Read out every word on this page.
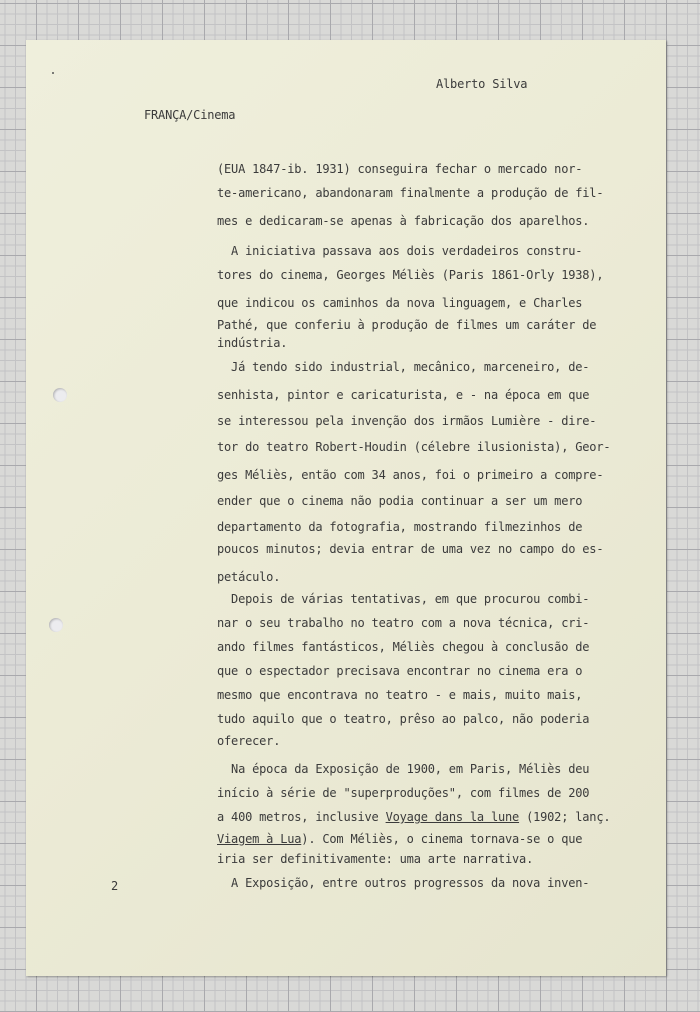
Alberto Silva
FRANÇA/Cinema

(EUA 1847-ib. 1931) conseguira fechar o mercado nor-

te-americano, abandonaram finalmente a produção de fil-

mes e dedicaram-se apenas à fabricação dos aparelhos.

A iniciativa passava aos dois verdadeiros constru-

tores do cinema, Georges Méliès (Paris 1861-Orly 1938),

que indicou os caminhos da nova linguagem, e Charles

Pathé, que conferiu à produção de filmes um caráter de

indústria.

Já tendo sido industrial, mecânico, marceneiro, de-

senhista, pintor e caricaturista, e - na época em que

se interessou pela invenção dos irmãos Lumière - dire-

tor do teatro Robert-Houdin (célebre ilusionista), Geor-

ges Méliès, então com 34 anos, foi o primeiro a compre-

ender que o cinema não podia continuar a ser um mero

departamento da fotografia, mostrando filmezinhos de

poucos minutos; devia entrar de uma vez no campo do es-

petáculo.

Depois de várias tentativas, em que procurou combi-

nar o seu trabalho no teatro com a nova técnica, cri-

ando filmes fantásticos, Méliès chegou à conclusão de

que o espectador precisava encontrar no cinema era o

mesmo que encontrava no teatro - e mais, muito mais,

tudo aquilo que o teatro, prêso ao palco, não poderia

oferecer.

Na época da Exposição de 1900, em Paris, Méliès deu

início à série de "superproduções", com filmes de 200

a 400 metros, inclusive Voyage dans la lune (1902; lanç.

Viagem à Lua). Com Méliès, o cinema tornava-se o que

iria ser definitivamente: uma arte narrativa.

A Exposição, entre outros progressos da nova inven-

2
